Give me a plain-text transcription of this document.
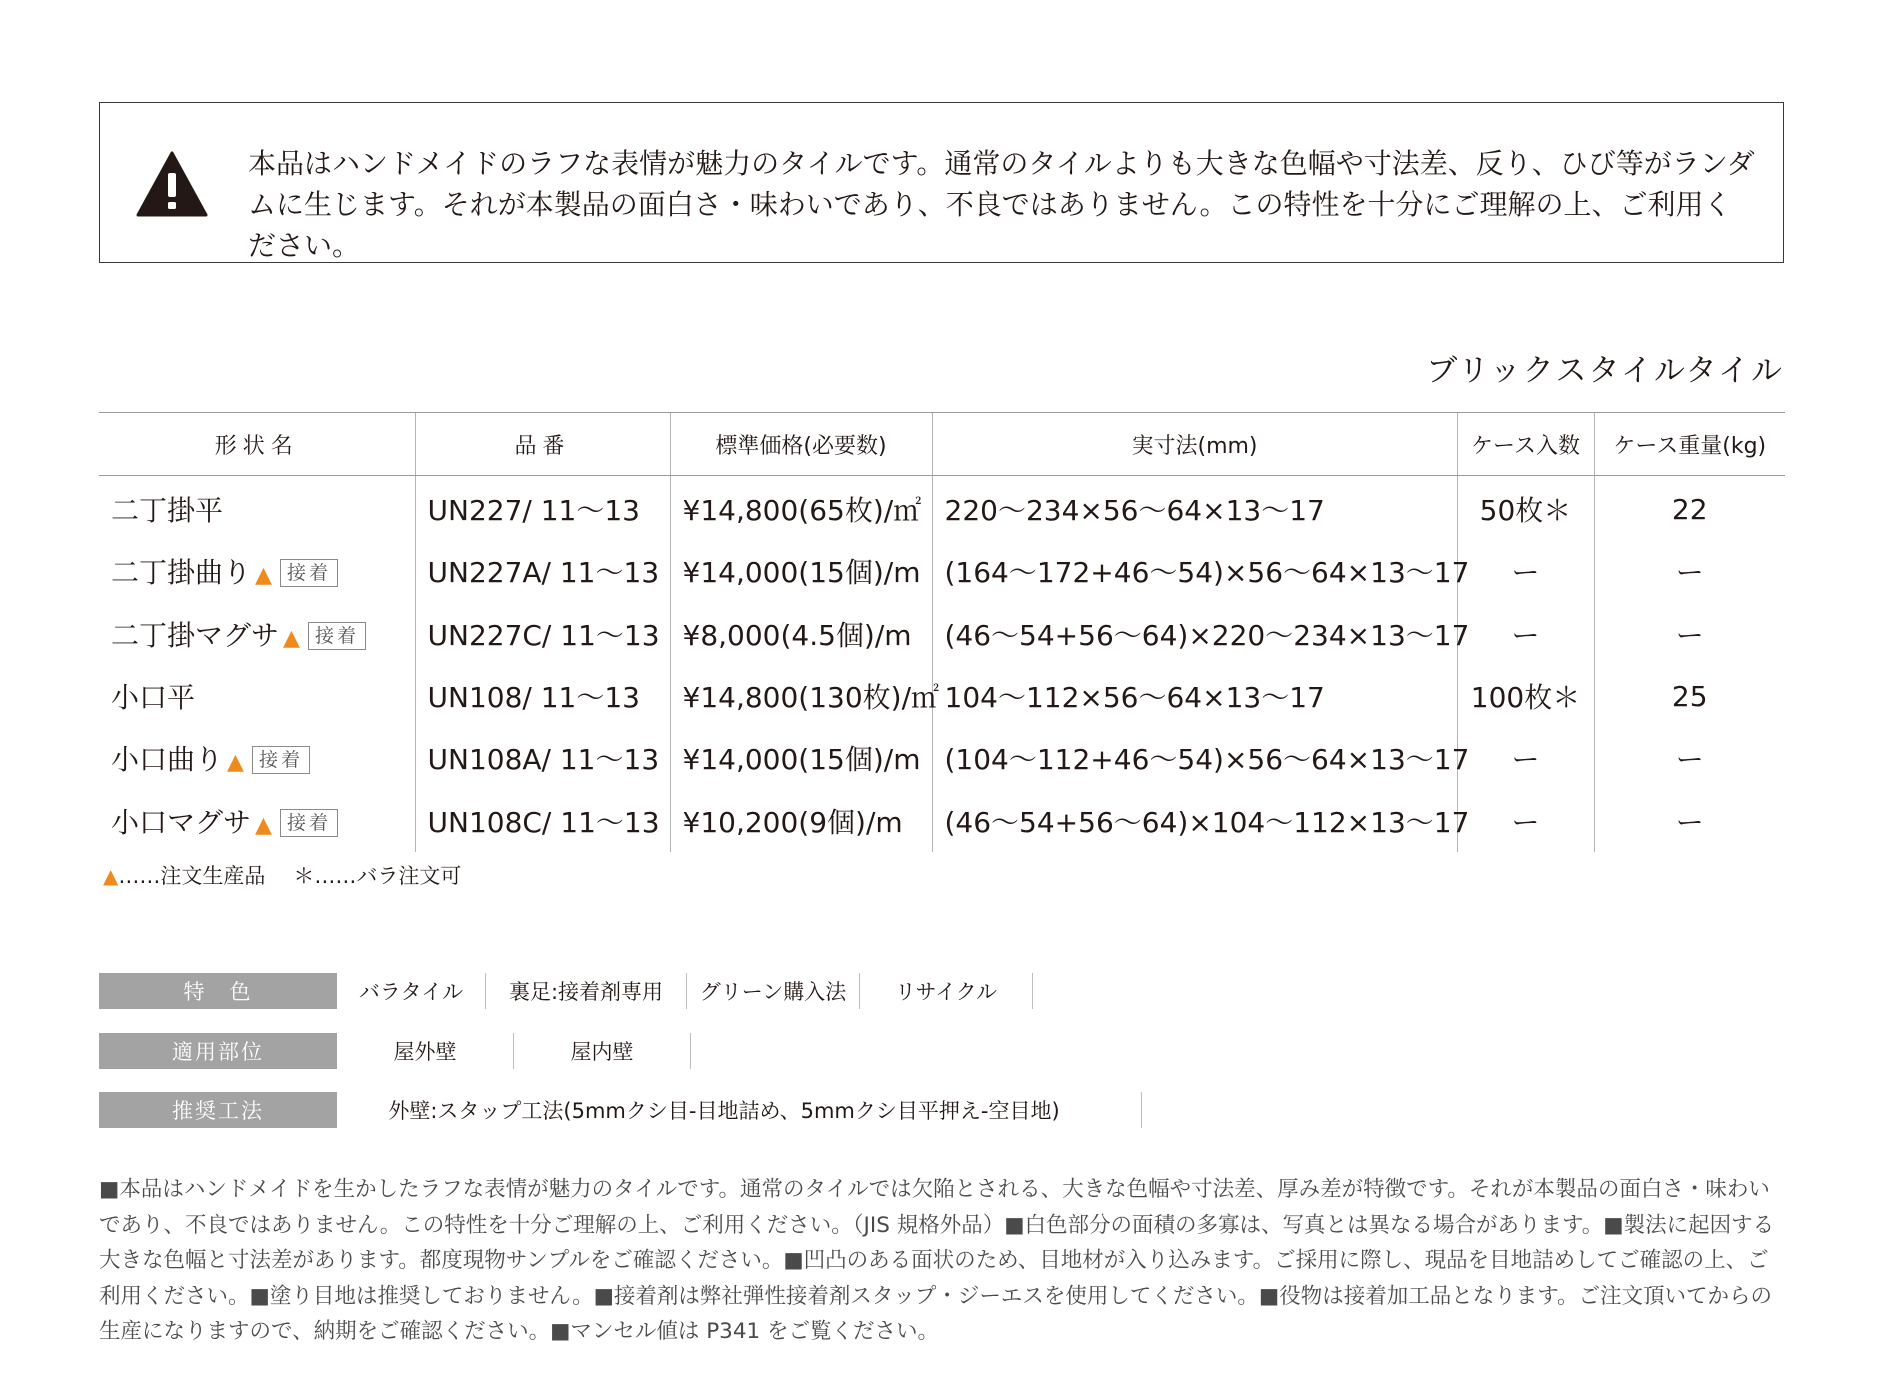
本品はハンドメイドのラフな表情が魅力のタイルです。通常のタイルよりも大きな色幅や寸法差、反り、ひび等がランダムに生じます。それが本製品の面白さ・味わいであり、不良ではありません。この特性を十分にご理解の上、ご利用ください。
ブリックスタイルタイル
形状名	品番	標準価格(必要数)	実寸法(mm)	ケース入数	ケース重量(kg)
二丁掛平	UN227/ 11〜13	¥14,800(65枚)/㎡	220〜234×56〜64×13〜17	50枚＊	22
二丁掛曲り ▲ 接着	UN227A/ 11〜13	¥14,000(15個)/m	(164〜172+46〜54)×56〜64×13〜17	ー	ー
二丁掛マグサ ▲ 接着	UN227C/ 11〜13	¥8,000(4.5個)/m	(46〜54+56〜64)×220〜234×13〜17	ー	ー
小口平	UN108/ 11〜13	¥14,800(130枚)/㎡	104〜112×56〜64×13〜17	100枚＊	25
小口曲り ▲ 接着	UN108A/ 11〜13	¥14,000(15個)/m	(104〜112+46〜54)×56〜64×13〜17	ー	ー
小口マグサ ▲ 接着	UN108C/ 11〜13	¥10,200(9個)/m	(46〜54+56〜64)×104〜112×13〜17	ー	ー
▲……注文生産品 ＊……バラ注文可
特　色	バラタイル	裏足:接着剤専用	グリーン購入法	リサイクル
適用部位	屋外壁	屋内壁
推奨工法	外壁:スタップ工法(5mmクシ目-目地詰め、5mmクシ目平押え-空目地)
■本品はハンドメイドを生かしたラフな表情が魅力のタイルです。通常のタイルでは欠陥とされる、大きな色幅や寸法差、厚み差が特徴です。それが本製品の面白さ・味わいであり、不良ではありません。この特性を十分ご理解の上、ご利用ください。（JIS 規格外品）■白色部分の面積の多寡は、写真とは異なる場合があります。■製法に起因する大きな色幅と寸法差があります。都度現物サンプルをご確認ください。■凹凸のある面状のため、目地材が入り込みます。ご採用に際し、現品を目地詰めしてご確認の上、ご利用ください。■塗り目地は推奨しておりません。■接着剤は弊社弾性接着剤スタップ・ジーエスを使用してください。■役物は接着加工品となります。ご注文頂いてからの生産になりますので、納期をご確認ください。■マンセル値は P341 をご覧ください。
